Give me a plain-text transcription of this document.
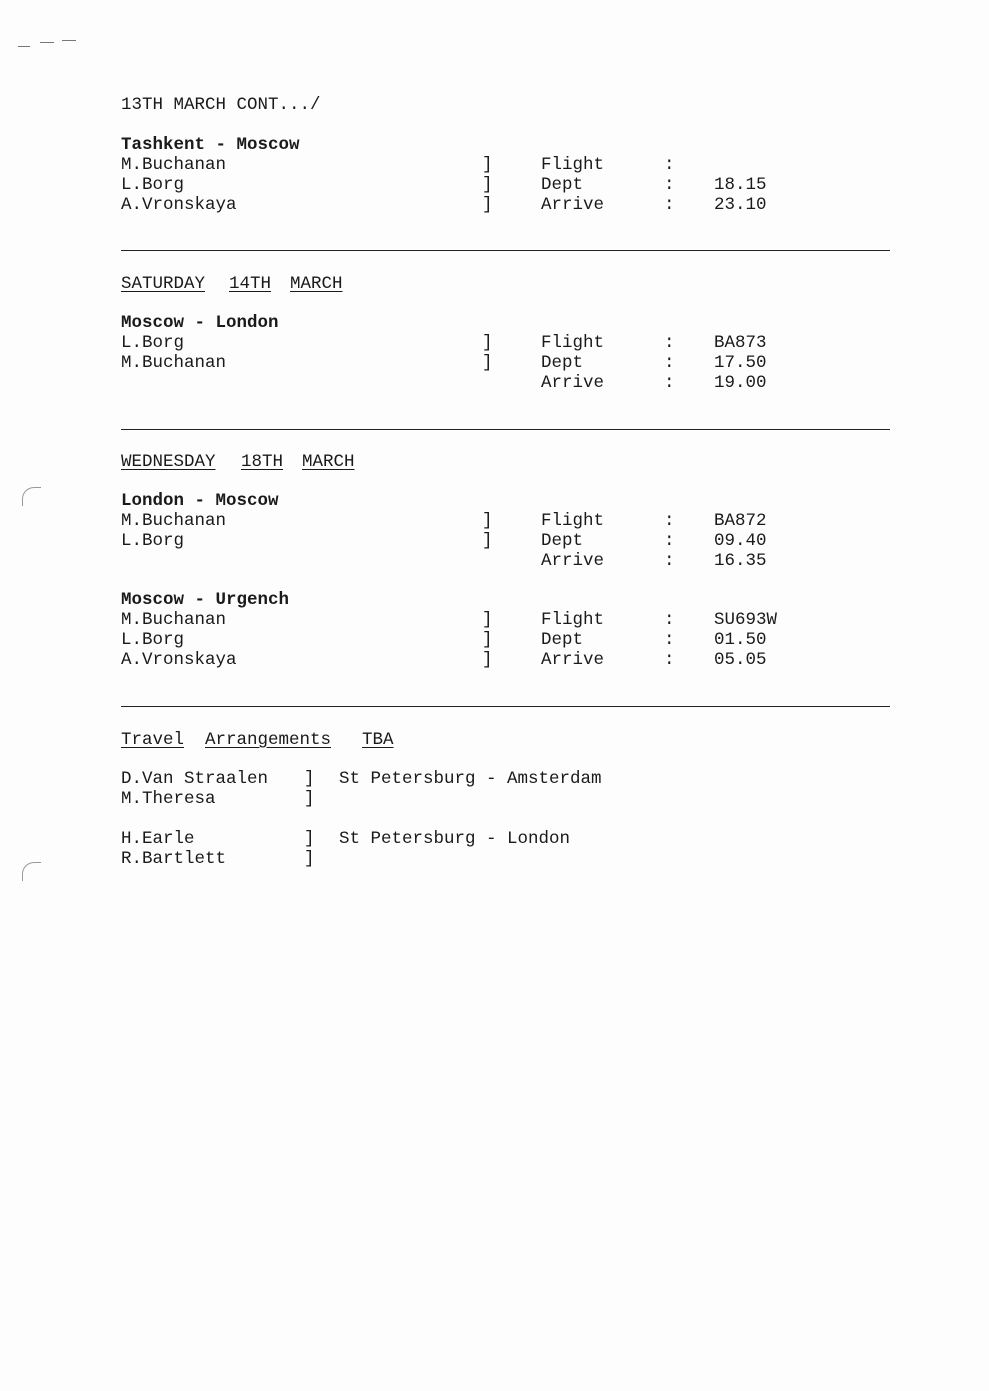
13TH MARCH CONT.../
Tashkent - Moscow
M.Buchanan
L.Borg
A.Vronskaya
]
]
]
Flight
Dept
Arrive
:
:
:
18.15
23.10
SATURDAY 14TH MARCH
Moscow - London
L.Borg
M.Buchanan
]
]
Flight
Dept
Arrive
:
:
:
BA873
17.50
19.00
WEDNESDAY 18TH MARCH
London - Moscow
M.Buchanan
L.Borg
]
]
Flight
Dept
Arrive
:
:
:
BA872
09.40
16.35
Moscow - Urgench
M.Buchanan
L.Borg
A.Vronskaya
]
]
]
Flight
Dept
Arrive
:
:
:
SU693W
01.50
05.05
Travel Arrangements TBA
D.Van Straalen
M.Theresa
]
]
St Petersburg - Amsterdam
H.Earle
R.Bartlett
]
]
St Petersburg - London
